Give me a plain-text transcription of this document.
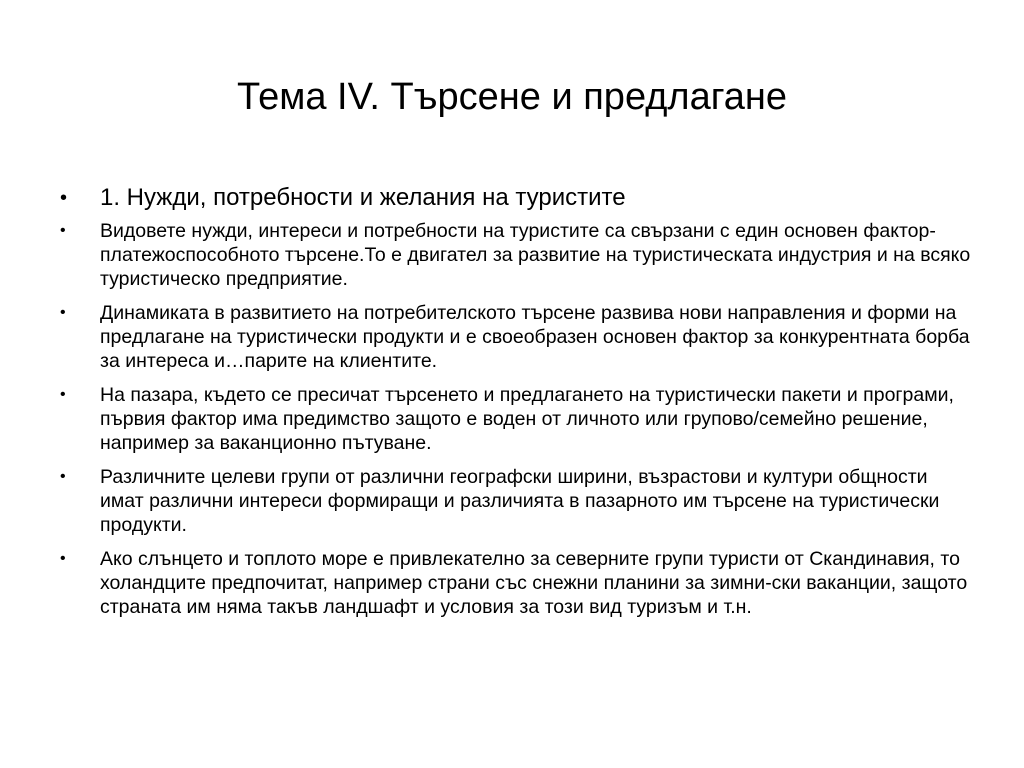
Тема IV. Търсене и предлагане
•	1. Нужди, потребности и желания на туристите
•	Видовете нужди, интереси и потребности на туристите са свързани с един основен фактор-платежоспособното търсене.То е двигател за развитие на туристическата индустрия и на всяко туристическо предприятие.
•	Динамиката в развитието на потребителското търсене развива нови направления и форми на предлагане на туристически продукти и е своеобразен основен фактор за конкурентната борба за интереса и…парите на клиентите.
•	На пазара, където се пресичат търсенето и предлагането на туристически пакети и програми, първия фактор има предимство защото е воден от личното или групово/семейно решение, например за ваканционно пътуване.
•	Различните целеви групи от различни географски ширини, възрастови и култури общности имат различни интереси формиращи и различията в пазарното им търсене на туристически продукти.
•	Ако слънцето и топлото море е привлекателно за северните групи туристи от Скандинавия, то холандците предпочитат, например страни със снежни планини за зимни-ски ваканции, защото страната им няма такъв ландшафт и условия за този вид туризъм и т.н.
